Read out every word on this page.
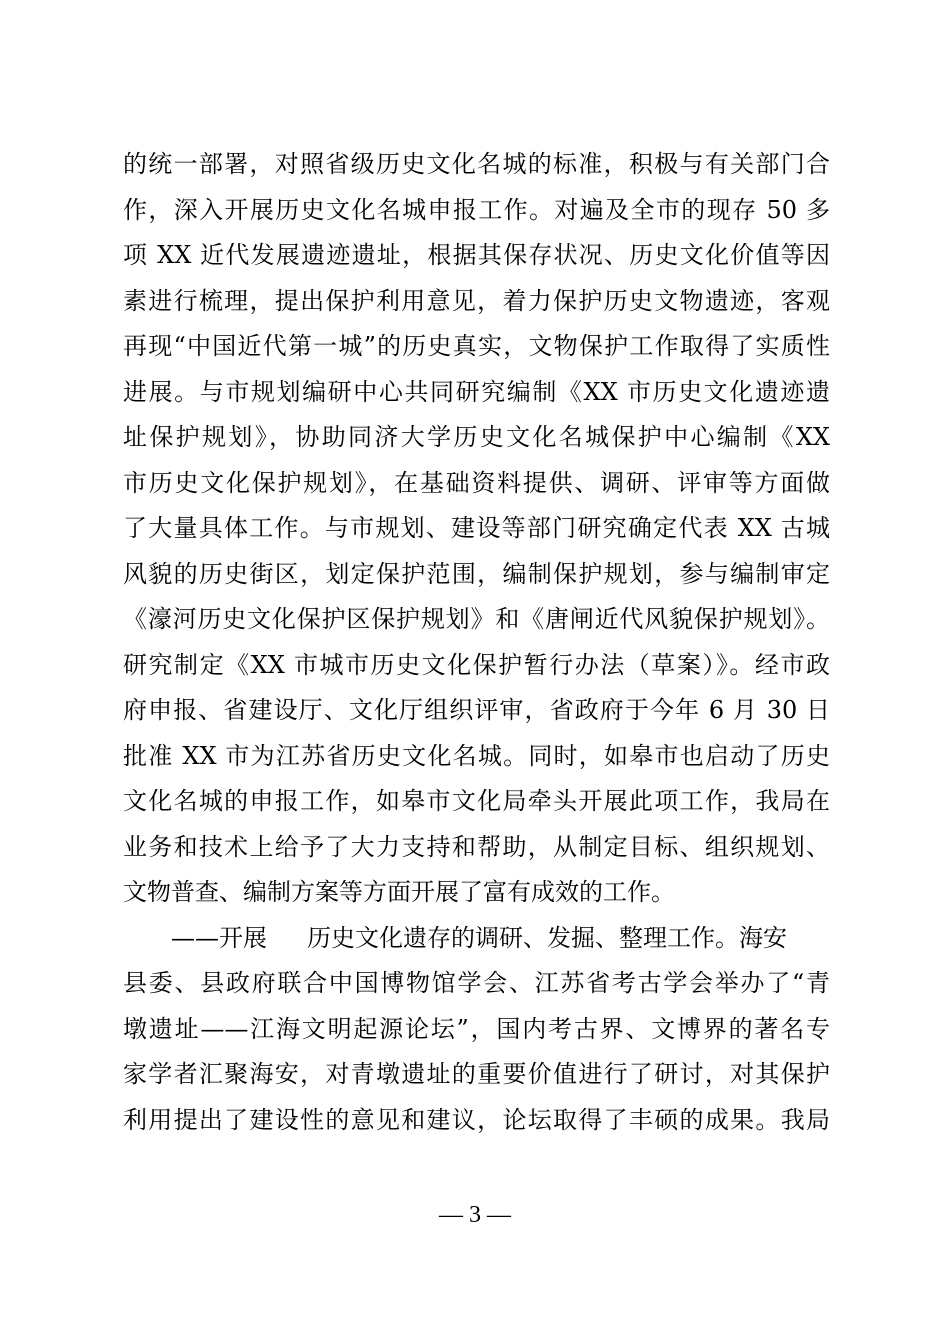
的统一部署，对照省级历史文化名城的标准，积极与有关部门合
作，深入开展历史文化名城申报工作。对遍及全市的现存 50 多
项 XX 近代发展遗迹遗址，根据其保存状况、历史文化价值等因
素进行梳理，提出保护利用意见，着力保护历史文物遗迹，客观
再现“中国近代第一城”的历史真实，文物保护工作取得了实质性
进展。与市规划编研中心共同研究编制《XX 市历史文化遗迹遗
址保护规划》，协助同济大学历史文化名城保护中心编制《XX
市历史文化保护规划》，在基础资料提供、调研、评审等方面做
了大量具体工作。与市规划、建设等部门研究确定代表 XX 古城
风貌的历史街区，划定保护范围，编制保护规划，参与编制审定
《濠河历史文化保护区保护规划》和《唐闸近代风貌保护规划》。
研究制定《XX 市城市历史文化保护暂行办法（草案）》。经市政
府申报、省建设厅、文化厅组织评审，省政府于今年 6 月 30 日
批准 XX 市为江苏省历史文化名城。同时，如皋市也启动了历史
文化名城的申报工作，如皋市文化局牵头开展此项工作，我局在
业务和技术上给予了大力支持和帮助，从制定目标、组织规划、
文物普查、编制方案等方面开展了富有成效的工作。
——开展 历史文化遗存的调研、发掘、整理工作。海安
县委、县政府联合中国博物馆学会、江苏省考古学会举办了“青
墩遗址——江海文明起源论坛”，国内考古界、文博界的著名专
家学者汇聚海安，对青墩遗址的重要价值进行了研讨，对其保护
利用提出了建设性的意见和建议，论坛取得了丰硕的成果。我局
— 3 —
